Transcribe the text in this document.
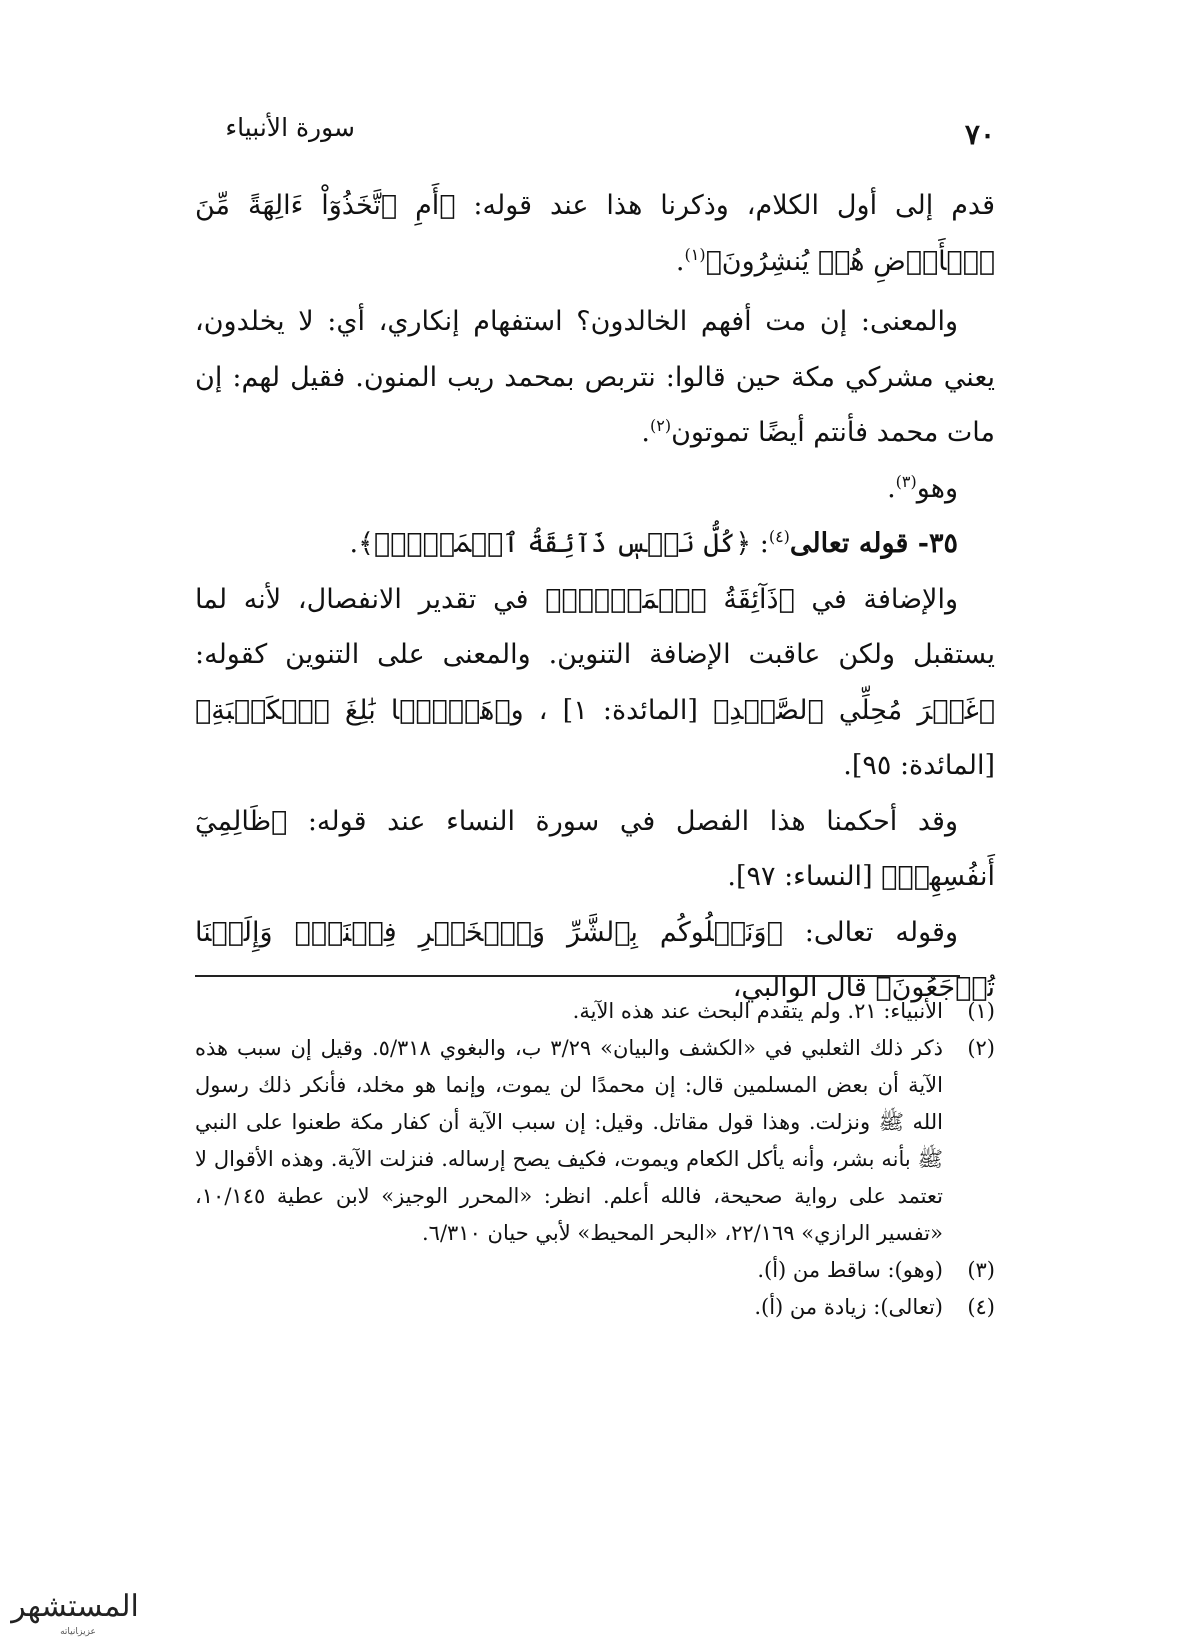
سورة الأنبياء	٧٠

قدم إلى أول الكلام، وذكرنا هذا عند قوله: ﴿أَمِ ٱتَّخَذُوٓاْ ءَالِهَةً مِّنَ ٱلۡأَرۡضِ هُمۡ يُنشِرُونَ﴾$^{(١)}$.

والمعنى: إن مت أفهم الخالدون؟ استفهام إنكاري، أي: لا يخلدون، يعني مشركي مكة حين قالوا: نتربص بمحمد ريب المنون. فقيل لهم: إن مات محمد فأنتم أيضًا تموتون$^{(٢)}$.

وهو$^{(٣)}$.

٣٥- قوله تعالى$^{(٤)}$: ﴿كُلُّ نَفۡسٖ ذَآئِقَةُ ٱلۡمَوۡتِۗ﴾.

والإضافة في ﴿ذَآئِقَةُ ٱلۡمَوۡتِۗ﴾ في تقدير الانفصال، لأنه لما يستقبل ولكن عاقبت الإضافة التنوين. والمعنى على التنوين كقوله: ﴿غَيۡرَ مُحِلِّي ٱلصَّيۡدِ﴾ [المائدة: ١] ، و﴿هَدۡيَۢا بَٰلِغَ ٱلۡكَعۡبَةِ﴾ [المائدة: ٩٥].

وقد أحكمنا هذا الفصل في سورة النساء عند قوله: ﴿ظَالِمِيٓ أَنفُسِهِمۡ﴾ [النساء: ٩٧].

وقوله تعالى: ﴿وَنَبۡلُوكُم بِٱلشَّرِّ وَٱلۡخَيۡرِ فِتۡنَةٗۖ وَإِلَيۡنَا تُرۡجَعُونَ﴾ قال الوالبي،

(١)
الأنبياء: ٢١. ولم يتقدم البحث عند هذه الآية.

(٢)
ذكر ذلك الثعلبي في «الكشف والبيان» ٣/٢٩ ب، والبغوي ٥/٣١٨. وقيل إن سبب هذه الآية أن بعض المسلمين قال: إن محمدًا لن يموت، وإنما هو مخلد، فأنكر ذلك رسول الله ﷺ ونزلت. وهذا قول مقاتل. وقيل: إن سبب الآية أن كفار مكة طعنوا على النبي ﷺ بأنه بشر، وأنه يأكل الكعام ويموت، فكيف يصح إرساله. فنزلت الآية. وهذه الأقوال لا تعتمد على رواية صحيحة، فالله أعلم. انظر: «المحرر الوجيز» لابن عطية ١٠/١٤٥، «تفسير الرازي» ٢٢/١٦٩، «البحر المحيط» لأبي حيان ٦/٣١٠.

(٣)
(وهو): ساقط من (أ).

(٤)
(تعالى): زيادة من (أ).

المستشهر
ع‍‍زي‍‍ز‍‍ان‍‍ي‍‍ات‍‍ه
